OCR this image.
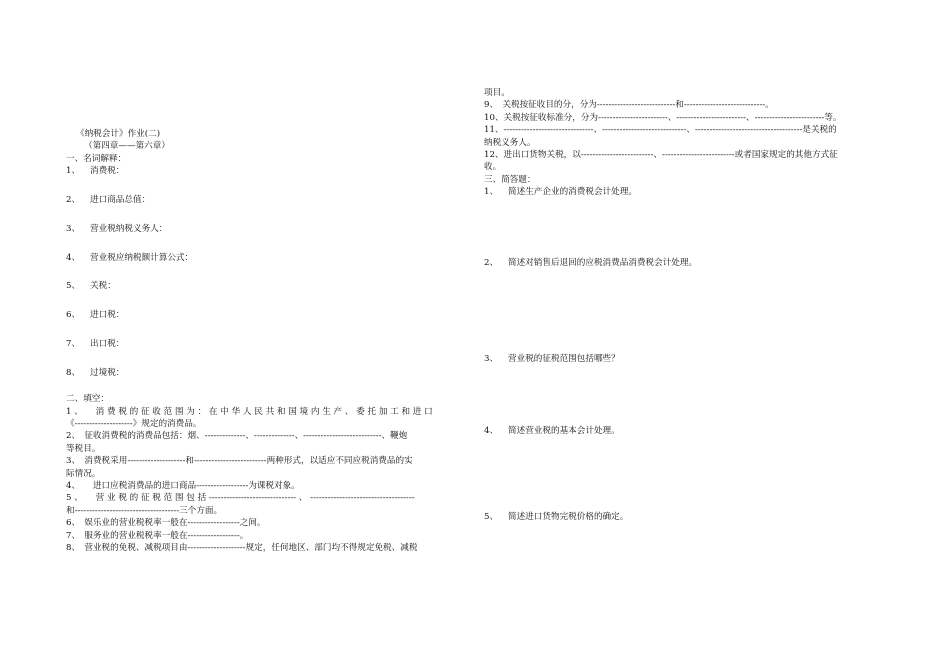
《纳税会计》作业(二)
（第四章——第六章）
一、名词解释：
1、 消费税：
2、 进口商品总值：
3、 营业税纳税义务人：
4、 营业税应纳税额计算公式：
5、 关税：
6、 进口税：
7、 出口税：
8、 过境税：
二、填空：
1 、　　消 费 税 的 征 收 范 围 为 ： 在 中 华 人 民 共 和 国 境 内 生 产 、 委 托 加 工 和 进 口
《--------------------》规定的消费品。
2、　征收消费税的消费品包括：烟、--------------、--------------、---------------------------、鞭炮
等税目。
3、　消费税采用--------------------和-------------------------两种形式，以适应不同应税消费品的实
际情况。
4、　　进口应税消费品的进口商品------------------为课税对象。
5 、　　营 业 税 的 征 税 范 围 包 括 ------------------------------ 、 ------------------------------------
和------------------------------------三个方面。
6、　娱乐业的营业税税率一般在------------------之间。
7、　服务业的营业税税率一般在------------------。
8、　营业税的免税、减税项目由--------------------规定，任何地区、部门均不得规定免税、减税
项目。
9、　关税按征收目的分，分为---------------------------和----------------------------。
10、关税按征收标准分，分为------------------------、------------------------、------------------------等。
11、-------------------------------、-----------------------------、-------------------------------------是关税的
纳税义务人。
12、进出口货物关税，以-------------------------、-------------------------或者国家规定的其他方式征
收。
三、简答题：
1、 简述生产企业的消费税会计处理。
2、 简述对销售后退回的应税消费品消费税会计处理。
3、 营业税的征税范围包括哪些？
4、 简述营业税的基本会计处理。
5、 简述进口货物完税价格的确定。
